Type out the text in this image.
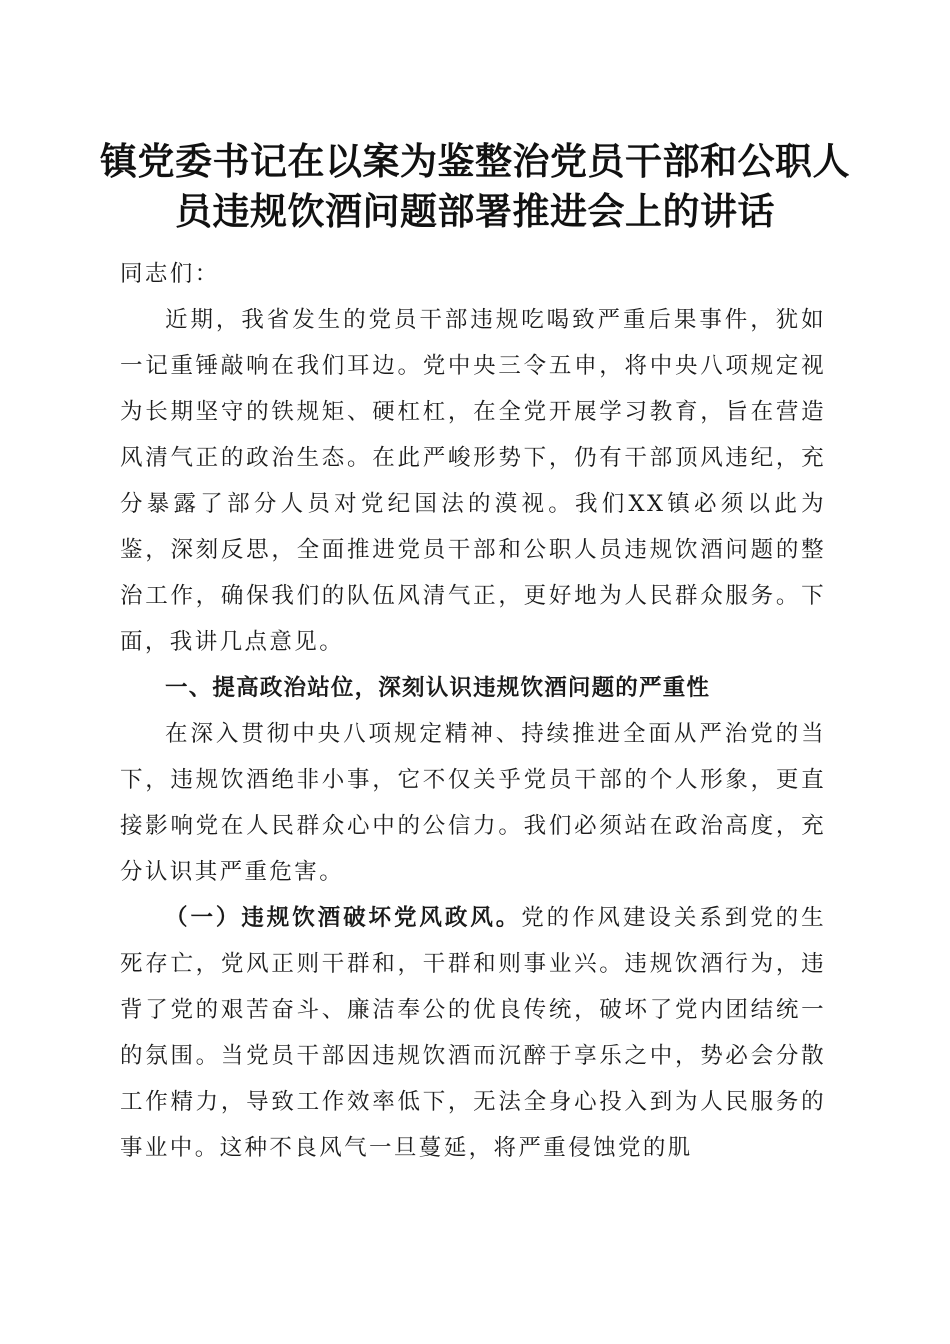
镇党委书记在以案为鉴整治党员干部和公职人员违规饮酒问题部署推进会上的讲话

同志们：

近期，我省发生的党员干部违规吃喝致严重后果事件，犹如一记重锤敲响在我们耳边。党中央三令五申，将中央八项规定视为长期坚守的铁规矩、硬杠杠，在全党开展学习教育，旨在营造风清气正的政治生态。在此严峻形势下，仍有干部顶风违纪，充分暴露了部分人员对党纪国法的漠视。我们XX镇必须以此为鉴，深刻反思，全面推进党员干部和公职人员违规饮酒问题的整治工作，确保我们的队伍风清气正，更好地为人民群众服务。下面，我讲几点意见。

一、提高政治站位，深刻认识违规饮酒问题的严重性

在深入贯彻中央八项规定精神、持续推进全面从严治党的当下，违规饮酒绝非小事，它不仅关乎党员干部的个人形象，更直接影响党在人民群众心中的公信力。我们必须站在政治高度，充分认识其严重危害。

（一）违规饮酒破坏党风政风。党的作风建设关系到党的生死存亡，党风正则干群和，干群和则事业兴。违规饮酒行为，违背了党的艰苦奋斗、廉洁奉公的优良传统，破坏了党内团结统一的氛围。当党员干部因违规饮酒而沉醉于享乐之中，势必会分散工作精力，导致工作效率低下，无法全身心投入到为人民服务的事业中。这种不良风气一旦蔓延，将严重侵蚀党的肌
